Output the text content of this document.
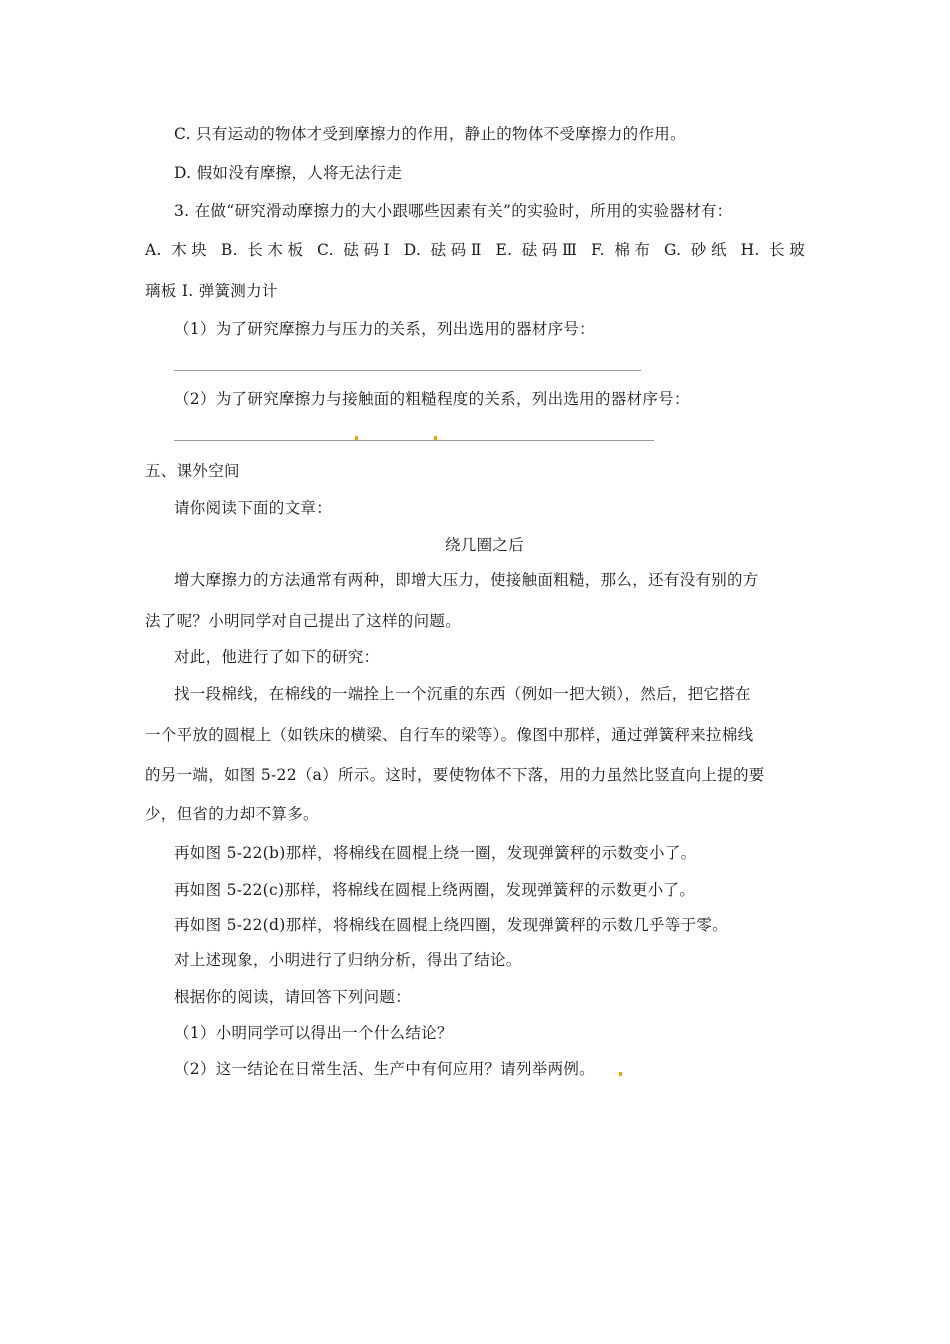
C. 只有运动的物体才受到摩擦力的作用，静止的物体不受摩擦力的作用。
D. 假如没有摩擦，人将无法行走
3. 在做“研究滑动摩擦力的大小跟哪些因素有关”的实验时，所用的实验器材有：
A. 木块 B. 长木板 C. 砝码Ⅰ D. 砝码Ⅱ E. 砝码Ⅲ F. 棉布 G. 砂纸 H. 长玻
璃板 I. 弹簧测力计
（1）为了研究摩擦力与压力的关系，列出选用的器材序号：
（2）为了研究摩擦力与接触面的粗糙程度的关系，列出选用的器材序号：
五、课外空间
请你阅读下面的文章：
绕几圈之后
增大摩擦力的方法通常有两种，即增大压力，使接触面粗糙，那么，还有没有别的方
法了呢？小明同学对自己提出了这样的问题。
对此，他进行了如下的研究：
找一段棉线，在棉线的一端拴上一个沉重的东西（例如一把大锁），然后，把它搭在
一个平放的圆棍上（如铁床的横梁、自行车的梁等）。像图中那样，通过弹簧秤来拉棉线
的另一端，如图 5-22（a）所示。这时，要使物体不下落，用的力虽然比竖直向上提的要
少，但省的力却不算多。
再如图 5-22(b)那样，将棉线在圆棍上绕一圈，发现弹簧秤的示数变小了。
再如图 5-22(c)那样，将棉线在圆棍上绕两圈，发现弹簧秤的示数更小了。
再如图 5-22(d)那样，将棉线在圆棍上绕四圈，发现弹簧秤的示数几乎等于零。
对上述现象，小明进行了归纳分析，得出了结论。
根据你的阅读，请回答下列问题：
（1）小明同学可以得出一个什么结论？
（2）这一结论在日常生活、生产中有何应用？请列举两例。
